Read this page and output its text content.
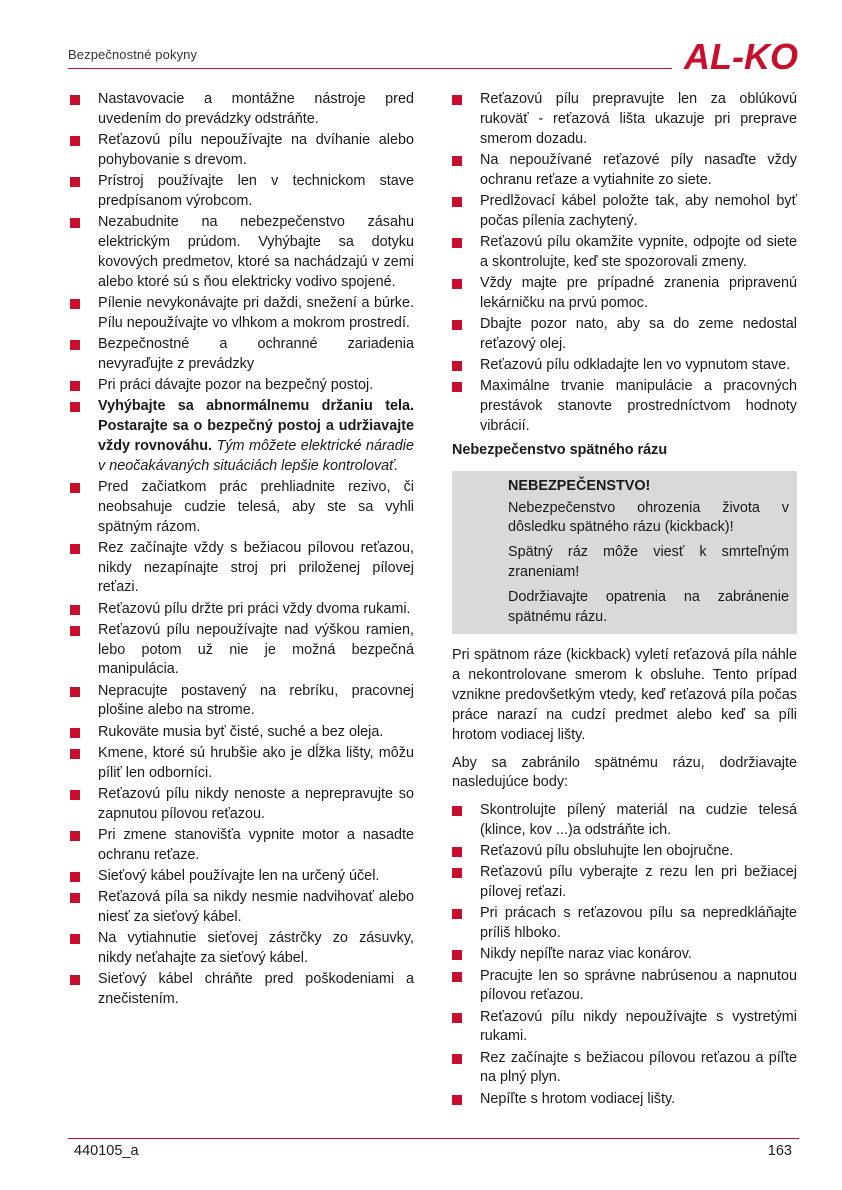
Bezpečnostné pokyny	AL-KO
Nastavovacie a montážne nástroje pred uvedením do prevádzky odstráňte.
Reťazovú pílu nepoužívajte na dvíhanie alebo pohybovanie s drevom.
Prístroj používajte len v technickom stave predpísanom výrobcom.
Nezabudnite na nebezpečenstvo zásahu elektrickým prúdom. Vyhýbajte sa dotyku kovových predmetov, ktoré sa nachádzajú v zemi alebo ktoré sú s ňou elektricky vodivo spojené.
Pílenie nevykonávajte pri daždi, snežení a búrke. Pílu nepoužívajte vo vlhkom a mokrom prostredí.
Bezpečnostné a ochranné zariadenia nevyraďujte z prevádzky
Pri práci dávajte pozor na bezpečný postoj.
Vyhýbajte sa abnormálnemu držaniu tela. Postarajte sa o bezpečný postoj a udržiavajte vždy rovnováhu. Tým môžete elektrické náradie v neočakávaných situáciách lepšie kontrolovať.
Pred začiatkom prác prehliadnite rezivo, či neobsahuje cudzie telesá, aby ste sa vyhli spätným rázom.
Rez začínajte vždy s bežiacou pílovou reťazou, nikdy nezapínajte stroj pri priloženej pílovej reťazi.
Reťazovú pílu držte pri práci vždy dvoma rukami.
Reťazovú pílu nepoužívajte nad výškou ramien, lebo potom už nie je možná bezpečná manipulácia.
Nepracujte postavený na rebríku, pracovnej plošine alebo na strome.
Rukoväte musia byť čisté, suché a bez oleja.
Kmene, ktoré sú hrubšie ako je dĺžka lišty, môžu píliť len odborníci.
Reťazovú pílu nikdy nenoste a neprepravujte so zapnutou pílovou reťazou.
Pri zmene stanovišťa vypnite motor a nasadte ochranu reťaze.
Sieťový kábel používajte len na určený účel.
Reťazová píla sa nikdy nesmie nadvihovať alebo niesť za sieťový kábel.
Na vytiahnutie sieťovej zástrčky zo zásuvky, nikdy neťahajte za sieťový kábel.
Sieťový kábel chráňte pred poškodeniami a znečistením.
Reťazovú pílu prepravujte len za oblúkovú rukoväť - reťazová lišta ukazuje pri preprave smerom dozadu.
Na nepoužívané reťazové píly nasaďte vždy ochranu reťaze a vytiahnite zo siete.
Predlžovací kábel položte tak, aby nemohol byť počas pílenia zachytený.
Reťazovú pílu okamžite vypnite, odpojte od siete a skontrolujte, keď ste spozorovali zmeny.
Vždy majte pre prípadné zranenia pripravenú lekárničku na prvú pomoc.
Dbajte pozor nato, aby sa do zeme nedostal reťazový olej.
Reťazovú pílu odkladajte len vo vypnutom stave.
Maximálne trvanie manipulácie a pracovných prestávok stanovte prostredníctvom hodnoty vibrácií.
Nebezpečenstvo spätného rázu
NEBEZPEČENSTVO!

Nebezpečenstvo ohrozenia života v dôsledku spätného rázu (kickback)!

Spätný ráz môže viesť k smrteľným zraneniam!

Dodržiavajte opatrenia na zabránenie spätnému rázu.

Pri spätnom ráze (kickback) vyletí reťazová píla náhle a nekontrolovane smerom k obsluhe. Tento prípad vznikne predovšetkým vtedy, keď reťazová píla počas práce narazí na cudzí predmet alebo keď sa píli hrotom vodiacej lišty.

Aby sa zabránilo spätnému rázu, dodržiavajte nasledujúce body:

Skontrolujte pílený materiál na cudzie telesá (klince, kov ...)a odstráňte ich.
Reťazovú pílu obsluhujte len obojručne.
Reťazovú pílu vyberajte z rezu len pri bežiacej pílovej reťazi.
Pri prácach s reťazovou pílu sa nepredkláňajte príliš hlboko.
Nikdy nepíľte naraz viac konárov.
Pracujte len so správne nabrúsenou a napnutou pílovou reťazou.
Reťazovú pílu nikdy nepoužívajte s vystretými rukami.
Rez začínajte s bežiacou pílovou reťazou a píľte na plný plyn.
Nepíľte s hrotom vodiacej lišty.
440105_a	163
